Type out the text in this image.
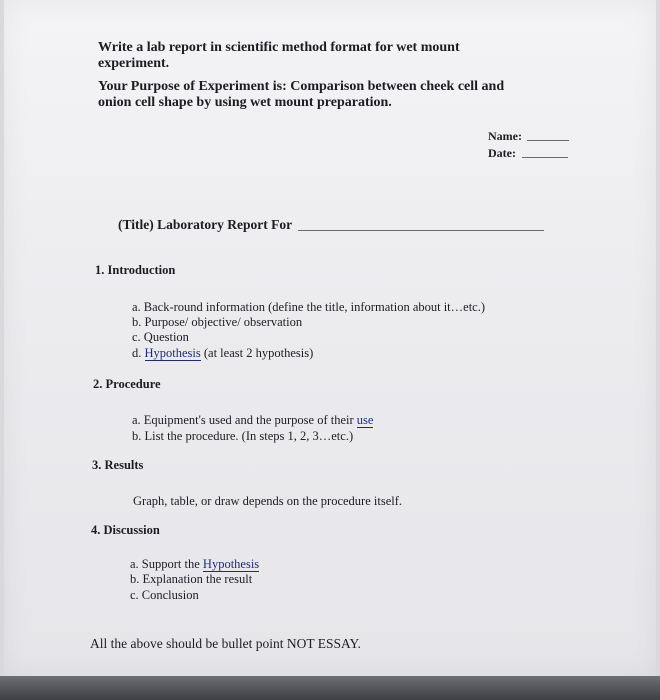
Write a lab report in scientific method format for wet mount
experiment.
Your Purpose of Experiment is: Comparison between cheek cell and
onion cell shape by using wet mount preparation.
Name:
Date:
(Title) Laboratory Report For
1. Introduction
a. Back-round information (define the title, information about it…etc.)
b. Purpose/ objective/ observation
c. Question
d. Hypothesis (at least 2 hypothesis)
2. Procedure
a. Equipment's used and the purpose of their use
b. List the procedure. (In steps 1, 2, 3…etc.)
3. Results
Graph, table, or draw depends on the procedure itself.
4. Discussion
a. Support the Hypothesis
b. Explanation the result
c. Conclusion
All the above should be bullet point NOT ESSAY.
